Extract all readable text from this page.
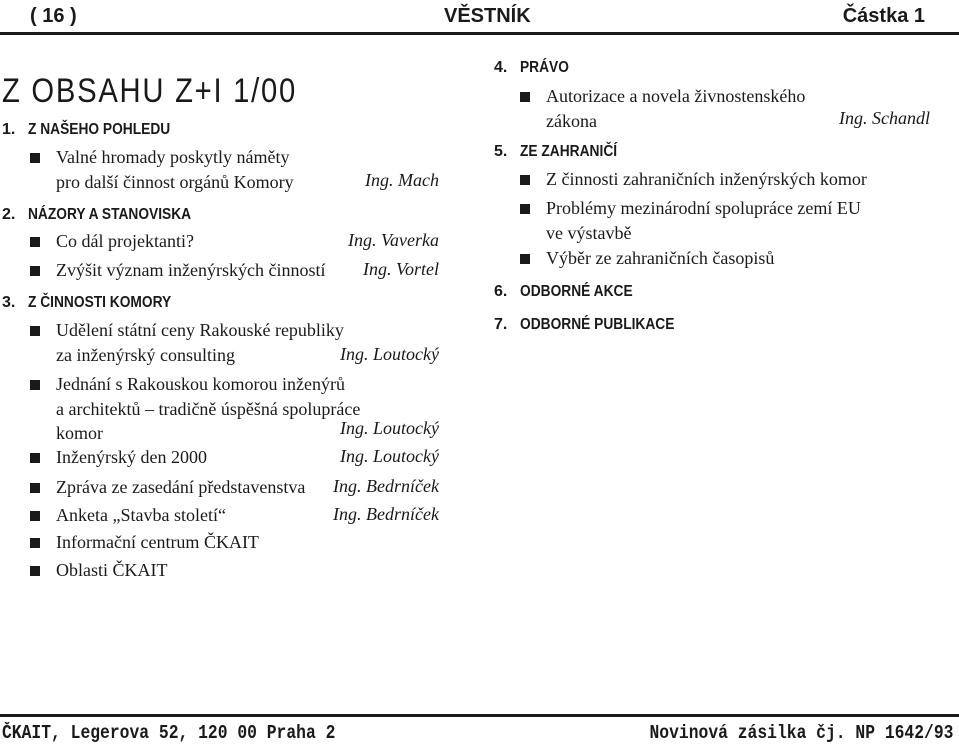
( 16 )	VĚSTNÍK	Částka 1
Z OBSAHU Z+I 1/00
1. Z NAŠEHO POHLEDU
Valné hromady poskytly náměty
pro další činnost orgánů Komory	Ing. Mach
2. NÁZORY A STANOVISKA
Co dál projektanti?	Ing. Vaverka
Zvýšit význam inženýrských činností Ing. Vortel
3. Z ČINNOSTI KOMORY
Udělení státní ceny Rakouské republiky
za inženýrský consulting	Ing. Loutocký
Jednání s Rakouskou komorou inženýrů
a architektů – tradičně úspěšná spolupráce
komor	Ing. Loutocký
Inženýrský den 2000	Ing. Loutocký
Zpráva ze zasedání představenstva Ing. Bedrníček
Anketa „Stavba století“	Ing. Bedrníček
Informační centrum ČKAIT
Oblasti ČKAIT
4. PRÁVO
Autorizace a novela živnostenského
zákona	Ing. Schandl
5. ZE ZAHRANIČÍ
Z činnosti zahraničních inženýrských komor
Problémy mezinárodní spolupráce zemí EU
ve výstavbě
Výběr ze zahraničních časopisů
6. ODBORNÉ AKCE
7. ODBORNÉ PUBLIKACE
ČKAIT, Legerova 52, 120 00 Praha 2	Novinová zásilka čj. NP 1642/93
